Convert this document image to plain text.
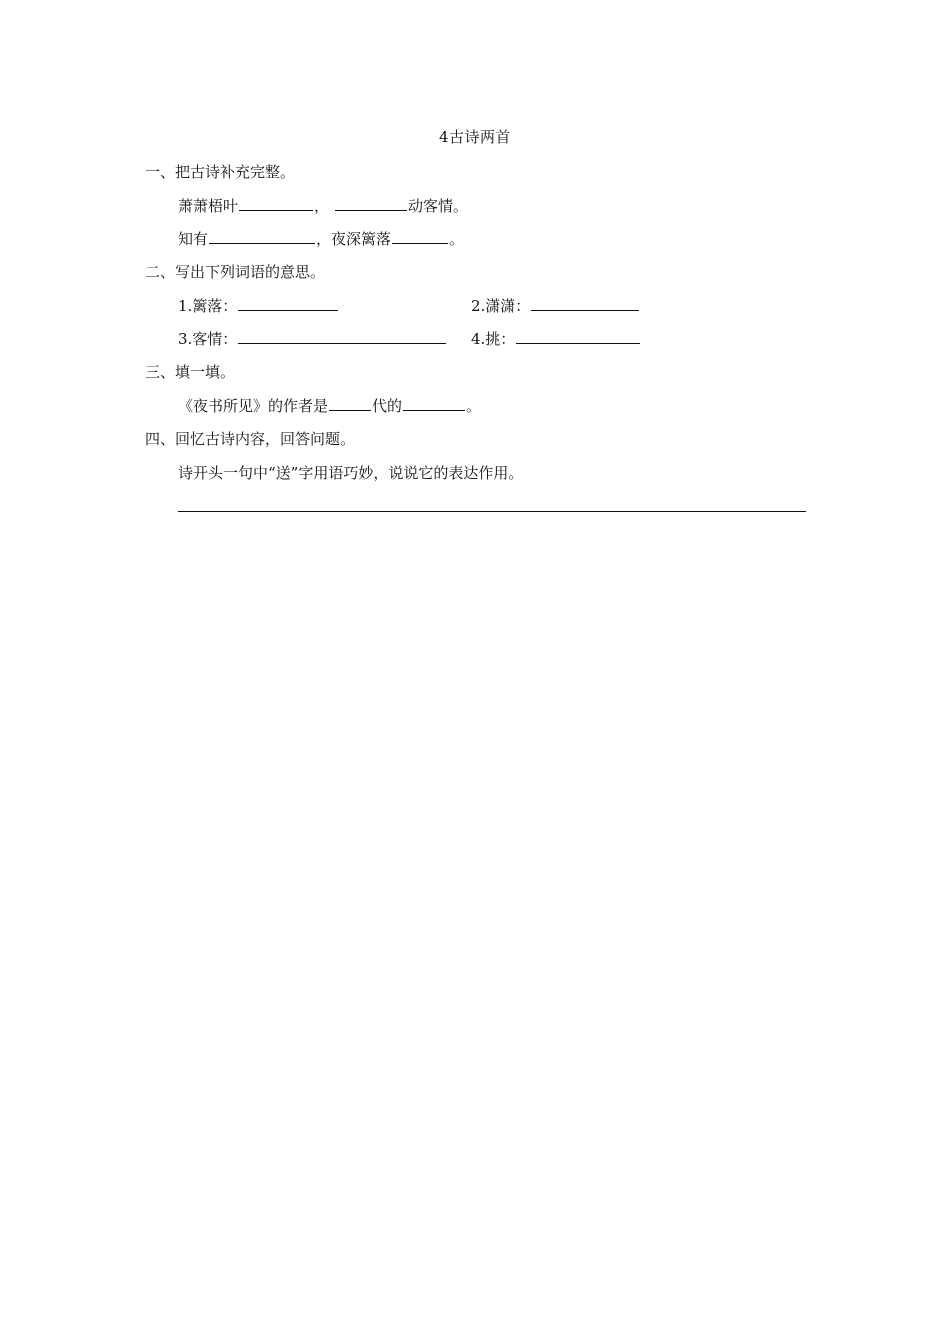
4古诗两首
一、把古诗补充完整。
萧萧梧叶	，	动客情。
知有	，夜深篱落	。
二、写出下列词语的意思。
1.篱落：	2.潇潇：
3.客情：	4.挑：
三、填一填。
《夜书所见》的作者是	代的	。
四、回忆古诗内容，回答问题。
诗开头一句中“送”字用语巧妙，说说它的表达作用。
